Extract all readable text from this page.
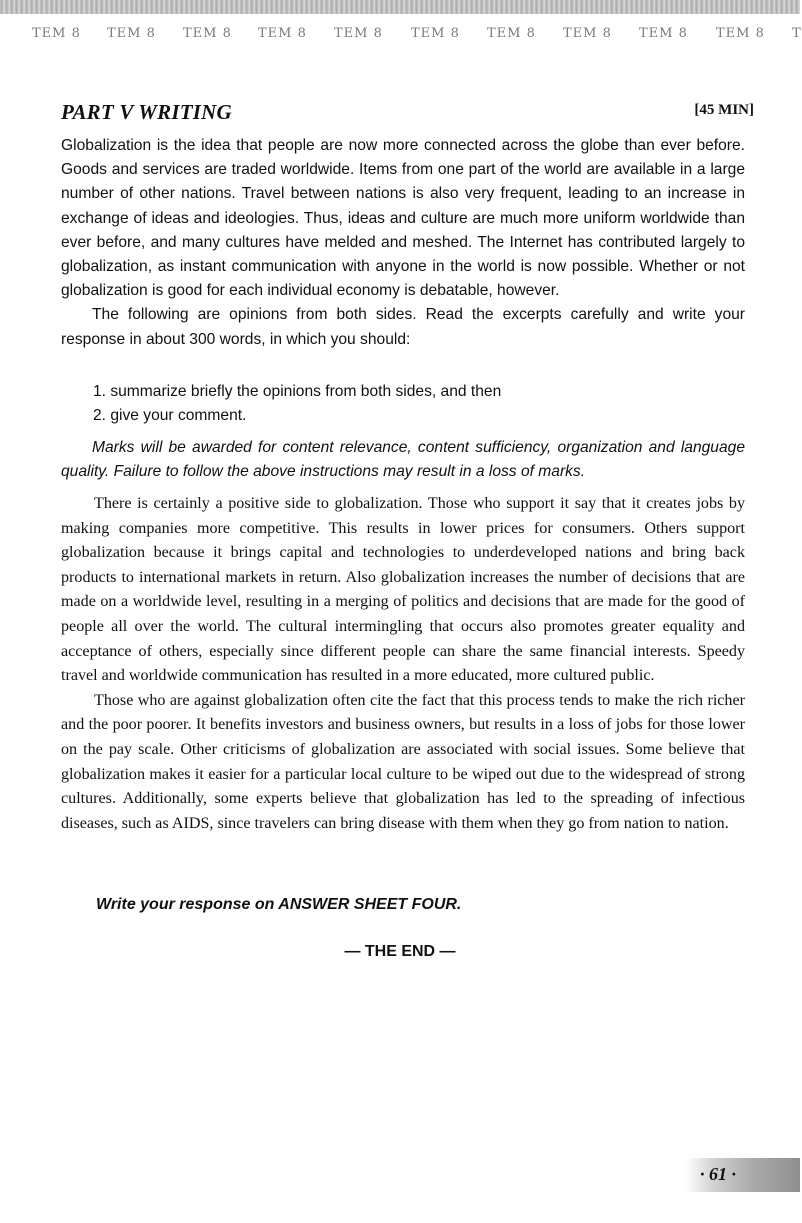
TEM 8 TEM 8 TEM 8 TEM 8 TEM 8 TEM 8 TEM 8 TEM 8 TEM 8 TEM 8 T
PART V WRITING	[45 MIN]

Globalization is the idea that people are now more connected across the globe than ever before. Goods and services are traded worldwide. Items from one part of the world are available in a large number of other nations. Travel between nations is also very frequent, leading to an increase in exchange of ideas and ideologies. Thus, ideas and culture are much more uniform worldwide than ever before, and many cultures have melded and meshed. The Internet has contributed largely to globalization, as instant communication with anyone in the world is now possible. Whether or not globalization is good for each individual economy is debatable, however.

The following are opinions from both sides. Read the excerpts carefully and write your response in about 300 words, in which you should:

1. summarize briefly the opinions from both sides, and then
2. give your comment.
Marks will be awarded for content relevance, content sufficiency, organization and language quality. Failure to follow the above instructions may result in a loss of marks.

There is certainly a positive side to globalization. Those who support it say that it creates jobs by making companies more competitive. This results in lower prices for consumers. Others support globalization because it brings capital and technologies to underdeveloped nations and bring back products to international markets in return. Also globalization increases the number of decisions that are made on a worldwide level, resulting in a merging of politics and decisions that are made for the good of people all over the world. The cultural intermingling that occurs also promotes greater equality and acceptance of others, especially since different people can share the same financial interests. Speedy travel and worldwide communication has resulted in a more educated, more cultured public.

Those who are against globalization often cite the fact that this process tends to make the rich richer and the poor poorer. It benefits investors and business owners, but results in a loss of jobs for those lower on the pay scale. Other criticisms of globalization are associated with social issues. Some believe that globalization makes it easier for a particular local culture to be wiped out due to the widespread of strong cultures. Additionally, some experts believe that globalization has led to the spreading of infectious diseases, such as AIDS, since travelers can bring disease with them when they go from nation to nation.

Write your response on ANSWER SHEET FOUR.
— THE END —
· 61 ·
